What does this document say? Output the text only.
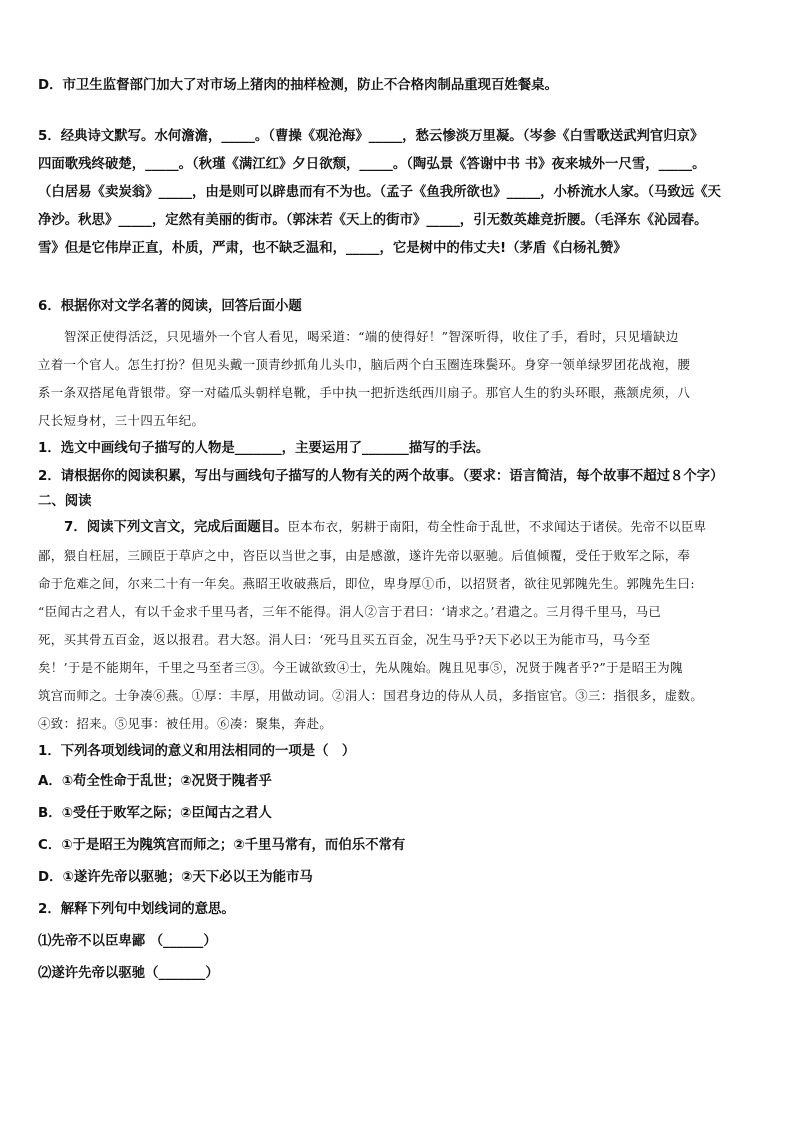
D．市卫生监督部门加大了对市场上猪肉的抽样检测，防止不合格肉制品重现百姓餐桌。

5．经典诗文默写。水何澹澹，_____。（曹操《观沧海》_____，愁云惨淡万里凝。（岑参《白雪歌送武判官归京》

四面歌残终破楚，_____。（秋瑾《满江红》夕日欲颓，_____。（陶弘景《答谢中书 书》夜来城外一尺雪，_____。

（白居易《卖炭翁》_____，由是则可以辟患而有不为也。（孟子《鱼我所欲也》_____，小桥流水人家。（马致远《天

净沙。秋思》_____，定然有美丽的街市。（郭沫若《天上的街市》_____，引无数英雄竞折腰。（毛泽东《沁园春。

雪》但是它伟岸正直，朴质，严肃，也不缺乏温和，_____，它是树中的伟丈夫!（茅盾《白杨礼赞》

6．根据你对文学名著的阅读，回答后面小题

智深正使得活泛，只见墙外一个官人看见，喝采道：“端的使得好！”智深听得，收住了手，看时，只见墙缺边

立着一个官人。怎生打扮？但见头戴一顶青纱抓角儿头巾，脑后两个白玉圈连珠鬓环。身穿一领单绿罗团花战袍，腰

系一条双搭尾龟背银带。穿一对磕瓜头朝样皂靴，手中执一把折迭纸西川扇子。那官人生的豹头环眼，燕颔虎须，八

尺长短身材，三十四五年纪。

1．选文中画线句子描写的人物是_______，主要运用了_______描写的手法。

2．请根据你的阅读积累，写出与画线句子描写的人物有关的两个故事。（要求：语言简洁，每个故事不超过８个字）

二、阅读

7．阅读下列文言文，完成后面题目。臣本布衣，躬耕于南阳，苟全性命于乱世，不求闻达于诸侯。先帝不以臣卑

鄙，猥自枉屈，三顾臣于草庐之中，咨臣以当世之事，由是感激，遂许先帝以驱驰。后值倾覆，受任于败军之际，奉

命于危难之间，尔来二十有一年矣。燕昭王收破燕后，即位，卑身厚①币，以招贤者，欲往见郭隗先生。郭隗先生曰:

“臣闻古之君人，有以千金求千里马者，三年不能得。涓人②言于君曰：‘请求之。’君遣之。三月得千里马，马已

死，买其骨五百金，返以报君。君大怒。涓人曰：‘死马且买五百金，况生马乎?天下必以王为能市马，马今至

矣！’于是不能期年，千里之马至者三③。今王诚欲致④士，先从隗始。隗且见事⑤，况贤于隗者乎?”于是昭王为隗

筑宫而师之。士争凑⑥燕。①厚：丰厚，用做动词。②涓人：国君身边的侍从人员，多指宦官。③三：指很多，虚数。

④致：招来。⑤见事：被任用。⑥凑：聚集，奔赴。

1．下列各项划线词的意义和用法相同的一项是（　）

A．①苟全性命于乱世；②况贤于隗者乎

B．①受任于败军之际；②臣闻古之君人

C．①于是昭王为隗筑宫而师之；②千里马常有，而伯乐不常有

D．①遂许先帝以驱驰；②天下必以王为能市马

2．解释下列句中划线词的意思。

⑴先帝不以臣卑鄙 （______）

⑵遂许先帝以驱驰（_______）
